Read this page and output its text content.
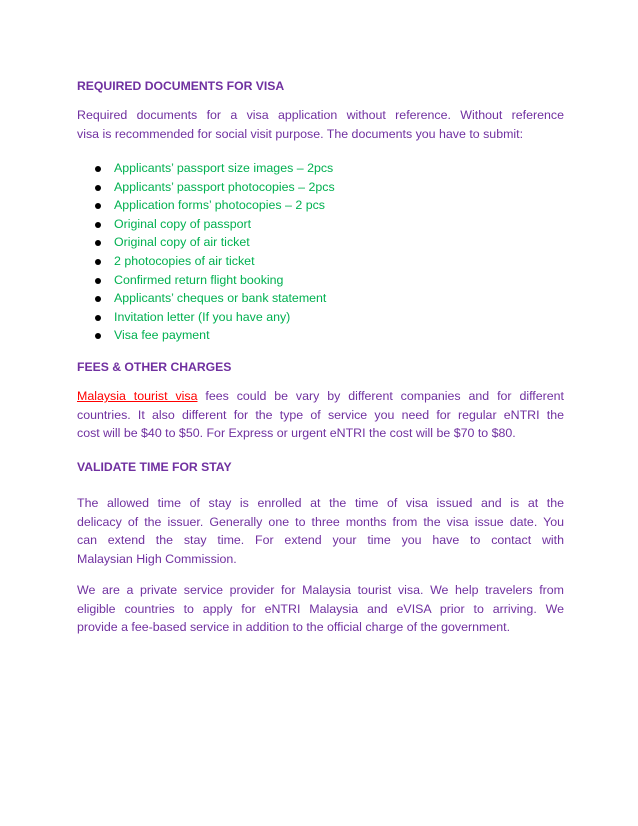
REQUIRED DOCUMENTS FOR VISA

Required documents for a visa application without reference. Without reference
visa is recommended for social visit purpose. The documents you have to submit:

Applicants’ passport size images – 2pcs
Applicants’ passport photocopies – 2pcs
Application forms’ photocopies – 2 pcs
Original copy of passport
Original copy of air ticket
2 photocopies of air ticket
Confirmed return flight booking
Applicants’ cheques or bank statement
Invitation letter (If you have any)
Visa fee payment
FEES & OTHER CHARGES

Malaysia tourist visa fees could be vary by different companies and for different
countries. It also different for the type of service you need for regular eNTRI the
cost will be $40 to $50. For Express or urgent eNTRI the cost will be $70 to $80.

VALIDATE TIME FOR STAY

The allowed time of stay is enrolled at the time of visa issued and is at the
delicacy of the issuer. Generally one to three months from the visa issue date. You
can extend the stay time. For extend your time you have to contact with
Malaysian High Commission.

We are a private service provider for Malaysia tourist visa. We help travelers from
eligible countries to apply for eNTRI Malaysia and eVISA prior to arriving. We
provide a fee-based service in addition to the official charge of the government.
